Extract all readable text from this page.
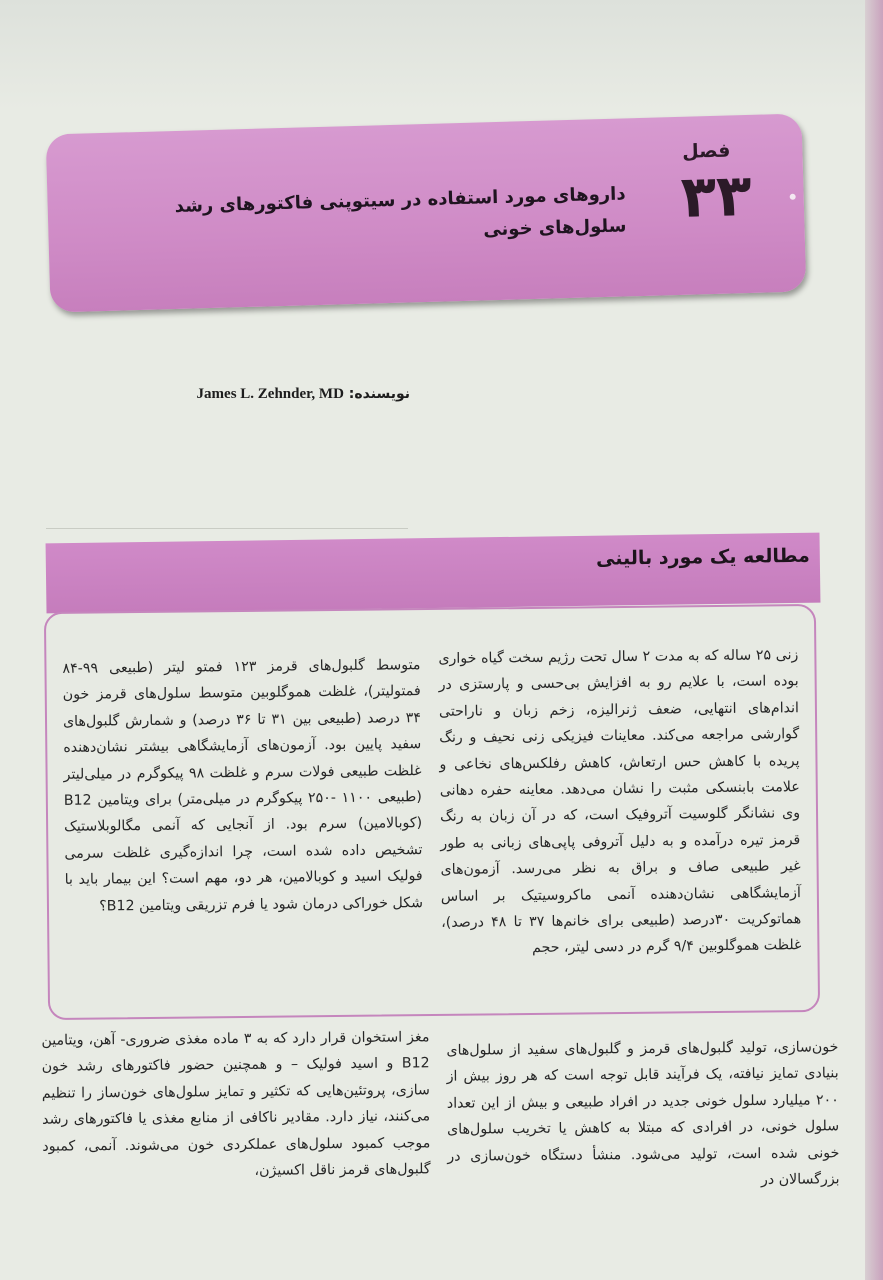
فصل
۳۳
داروهای مورد استفاده در سیتوپنی فاکتورهای رشد سلول‌های خونی
نویسنده: James L. Zehnder, MD
مطالعه یک مورد بالینی

زنی ۲۵ ساله که به مدت ۲ سال تحت رژیم سخت گیاه خواری بوده است، با علایم رو به افزایش بی‌حسی و پارستزی در اندام‌های انتهایی، ضعف ژنرالیزه، زخم زبان و ناراحتی گوارشی مراجعه می‌کند. معاینات فیزیکی زنی نحیف و رنگ پریده با کاهش حس ارتعاش، کاهش رفلکس‌های نخاعی و علامت بابنسکی مثبت را نشان می‌دهد. معاینه حفره دهانی وی نشانگر گلوسیت آتروفیک است، که در آن زبان به رنگ قرمز تیره درآمده و به دلیل آتروفی پاپی‌های زبانی به طور غیر طبیعی صاف و براق به نظر می‌رسد. آزمون‌های آزمایشگاهی نشان‌دهنده آنمی ماکروسیتیک بر اساس هماتوکریت ۳۰درصد (طبیعی برای خانم‌ها ۳۷ تا ۴۸ درصد)، غلظت هموگلوبین ۹/۴ گرم در دسی لیتر، حجم

متوسط گلبول‌های قرمز ۱۲۳ فمتو لیتر (طبیعی ۹۹-۸۴ فمتولیتر)، غلظت هموگلوبین متوسط سلول‌های قرمز خون ۳۴ درصد (طبیعی بین ۳۱ تا ۳۶ درصد) و شمارش گلبول‌های سفید پایین بود. آزمون‌های آزمایشگاهی بیشتر نشان‌دهنده غلظت طبیعی فولات سرم و غلظت ۹۸ پیکوگرم در میلی‌لیتر (طبیعی ۱۱۰۰ -۲۵۰ پیکوگرم در میلی‌متر) برای ویتامین B12 (کوبالامین) سرم بود. از آنجایی که آنمی مگالوبلاستیک تشخیص داده شده است، چرا اندازه‌گیری غلظت سرمی فولیک اسید و کوبالامین، هر دو، مهم است؟ این بیمار باید با شکل خوراکی درمان شود یا فرم تزریقی ویتامین B12؟

خون‌سازی، تولید گلبول‌های قرمز و گلبول‌های سفید از سلول‌های بنیادی تمایز نیافته، یک فرآیند قابل توجه است که هر روز بیش از ۲۰۰ میلیارد سلول خونی جدید در افراد طبیعی و بیش از این تعداد سلول خونی، در افرادی که مبتلا به کاهش یا تخریب سلول‌های خونی شده است، تولید می‌شود. منشأ دستگاه خون‌سازی در بزرگسالان در

مغز استخوان قرار دارد که به ۳ ماده مغذی ضروری- آهن، ویتامین B12 و اسید فولیک – و همچنین حضور فاکتورهای رشد خون سازی، پروتئین‌هایی که تکثیر و تمایز سلول‌های خون‌ساز را تنظیم می‌کنند، نیاز دارد. مقادیر ناکافی از منابع مغذی یا فاکتورهای رشد موجب کمبود سلول‌های عملکردی خون می‌شوند. آنمی، کمبود گلبول‌های قرمز ناقل اکسیژن،
